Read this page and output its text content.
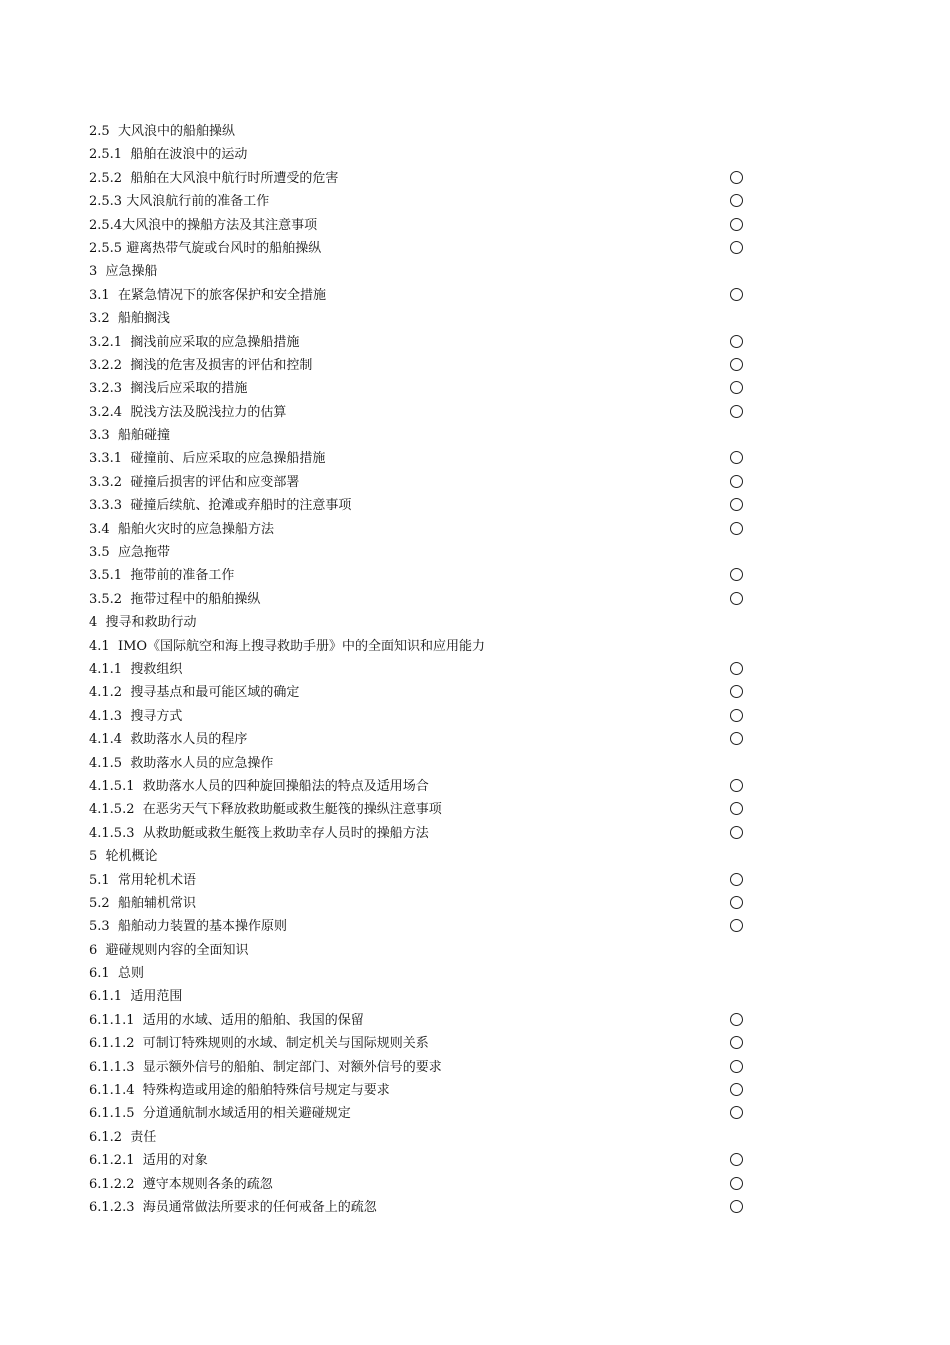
2.5  大风浪中的船舶操纵
2.5.1  船舶在波浪中的运动
2.5.2  船舶在大风浪中航行时所遭受的危害
2.5.3 大风浪航行前的准备工作
2.5.4大风浪中的操船方法及其注意事项
2.5.5 避离热带气旋或台风时的船舶操纵
3  应急操船
3.1  在紧急情况下的旅客保护和安全措施
3.2  船舶搁浅
3.2.1  搁浅前应采取的应急操船措施
3.2.2  搁浅的危害及损害的评估和控制
3.2.3  搁浅后应采取的措施
3.2.4  脱浅方法及脱浅拉力的估算
3.3  船舶碰撞
3.3.1  碰撞前、后应采取的应急操船措施
3.3.2  碰撞后损害的评估和应变部署
3.3.3  碰撞后续航、抢滩或弃船时的注意事项
3.4  船舶火灾时的应急操船方法
3.5  应急拖带
3.5.1  拖带前的准备工作
3.5.2  拖带过程中的船舶操纵
4  搜寻和救助行动
4.1  IMO《国际航空和海上搜寻救助手册》中的全面知识和应用能力
4.1.1  搜救组织
4.1.2  搜寻基点和最可能区域的确定
4.1.3  搜寻方式
4.1.4  救助落水人员的程序
4.1.5  救助落水人员的应急操作
4.1.5.1  救助落水人员的四种旋回操船法的特点及适用场合
4.1.5.2  在恶劣天气下释放救助艇或救生艇筏的操纵注意事项
4.1.5.3  从救助艇或救生艇筏上救助幸存人员时的操船方法
5  轮机概论
5.1  常用轮机术语
5.2  船舶辅机常识
5.3  船舶动力装置的基本操作原则
6  避碰规则内容的全面知识
6.1  总则
6.1.1  适用范围
6.1.1.1  适用的水域、适用的船舶、我国的保留
6.1.1.2  可制订特殊规则的水域、制定机关与国际规则关系
6.1.1.3  显示额外信号的船舶、制定部门、对额外信号的要求
6.1.1.4  特殊构造或用途的船舶特殊信号规定与要求
6.1.1.5  分道通航制水域适用的相关避碰规定
6.1.2  责任
6.1.2.1  适用的对象
6.1.2.2  遵守本规则各条的疏忽
6.1.2.3  海员通常做法所要求的任何戒备上的疏忽
